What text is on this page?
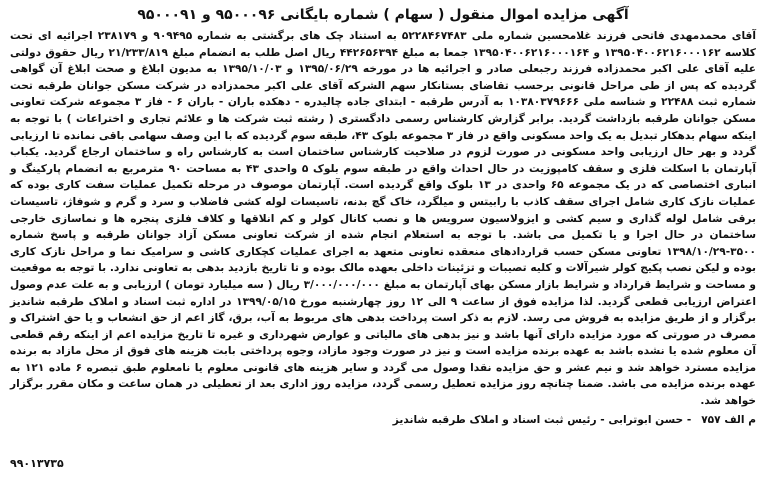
آگهی مزایده اموال منقول ( سهام ) شماره بایگانی ۹۵۰۰۰۹۶ و ۹۵۰۰۰۹۱

آقای محمدمهدی فاتحی فرزند غلامحسین شماره ملی ۵۲۲۸۴۶۷۴۸۳ به استناد چک های برگشتی به شماره ۹۰۹۴۹۵ و ۲۳۸۱۷۹ اجرائیه ای تحت کلاسه ۱۳۹۵۰۴۰۰۶۲۱۶۰۰۰۱۶۲ و ۱۳۹۵۰۴۰۰۶۲۱۶۰۰۰۱۶۴ جمعا به مبلغ ۴۴۲۶۵۶۳۹۴ ریال اصل طلب به انضمام مبلغ ۲۱/۲۳۳/۸۱۹ ریال حقوق دولتی علیه آقای علی اکبر محمدزاده فرزند رجبعلی صادر و اجرائیه ها در مورخه ۱۳۹۵/۰۶/۲۹ و ۱۳۹۵/۱۰/۰۳ به مدیون ابلاغ و صحت ابلاغ آن گواهی گردیده که پس از طی مراحل قانونی برحسب تقاضای بستانکار سهم الشرکه آقای علی اکبر محمدزاده در شرکت مسکن جوانان طرقبه تحت شماره ثبت ۲۲۴۸۸ و شناسه ملی ۱۰۳۸۰۳۷۹۶۶۶ به آدرس طرقبه - ابتدای جاده چالیدره - دهکده باران - باران ۶ - فاز ۳ مجموعه شرکت تعاونی مسکن جوانان طرقبه بازداشت گردید. برابر گزارش کارشناس رسمی دادگستری ( رشته ثبت شرکت ها و علائم تجاری و اختراعات ) با توجه به اینکه سهام بدهکار تبدیل به یک واحد مسکونی واقع در فاز ۳ مجموعه بلوک ۴۳، طبقه سوم گردیده که با این وصف سهامی باقی نمانده تا ارزیابی گردد و بهر حال ارزیابی واحد مسکونی در صورت لزوم در صلاحیت کارشناس ساختمان است به کارشناس راه و ساختمان ارجاع گردید. یکباب آپارتمان با اسکلت فلزی و سقف کامپوزیت در حال احداث واقع در طبقه سوم بلوک ۵ واحدی ۴۳ به مساحت ۹۰ مترمربع به انضمام پارکینگ و انباری اختصاصی که در یک مجموعه ۶۵ واحدی در ۱۳ بلوک واقع گردیده است. آپارتمان موصوف در مرحله تکمیل عملیات سفت کاری بوده که عملیات نازک کاری شامل اجرای سقف کاذب با رابیتس و میلگرد، خاک گچ بدنه، تاسیسات لوله کشی فاضلاب و سرد و گرم و شوفاژ، تاسیسات برقی شامل لوله گذاری و سیم کشی و ایزولاسیون سرویس ها و نصب کانال کولر و کم انلاقها و کلاف فلزی پنجره ها و نماسازی خارجی ساختمان در حال اجرا و یا تکمیل می باشد. با توجه به استعلام انجام شده از شرکت تعاونی مسکن آزاد جوانان طرقبه و پاسخ شماره ۳۵۰۰-۱۳۹۸/۱۰/۲۹ تعاونی مسکن حسب قراردادهای منعقده تعاونی متعهد به اجرای عملیات کچکاری کاشی و سرامیک نما و مراحل نازک کاری بوده و لیکن نصب پکیج کولر شیرآلات و کلیه تصیبات و تزئینات داخلی بعهده مالک بوده و تا تاریخ بازدید بدهی به تعاونی ندارد. با توجه به موقعیت و مساحت و شرایط قرارداد و شرایط بازار مسکن بهای آپارتمان به مبلغ ۳/۰۰۰/۰۰۰/۰۰۰ ریال ( سه میلیارد تومان ) ارزیابی و به علت عدم وصول اعتراض ارزیابی قطعی گردید. لذا مزایده فوق از ساعت ۹ الی ۱۲ روز چهارشنبه مورخ ۱۳۹۹/۰۵/۱۵ در اداره ثبت اسناد و املاک طرقبه شاندیز برگزار و از طریق مزایده به فروش می رسد. لازم به ذکر است پرداخت بدهی های مربوط به آب، برق، گاز اعم از حق انشعاب و یا حق اشتراک و مصرف در صورتی که مورد مزایده دارای آنها باشد و نیز بدهی های مالیاتی و عوارض شهرداری و غیره تا تاریخ مزایده اعم از اینکه رقم قطعی آن معلوم شده یا نشده باشد به عهده برنده مزایده است و نیز در صورت وجود مازاد، وجوه پرداختی بابت هزینه های فوق از محل مازاد به برنده مزایده مسترد خواهد شد و نیم عشر و حق مزایده نقدا وصول می گردد و سایر هزینه های قانونی معلوم یا نامعلوم طبق تبصره ۶ ماده ۱۲۱ به عهده برنده مزایده می باشد. ضمنا چنانچه روز مزایده تعطیل رسمی گردد، مزایده روز اداری بعد از تعطیلی در همان ساعت و مکان مقرر برگزار خواهد شد.

م الف ۷۵۷
- حسن ابوترابی - رئیس ثبت اسناد و املاک طرقبه شاندیز
۹۹۰۱۳۷۳۵
